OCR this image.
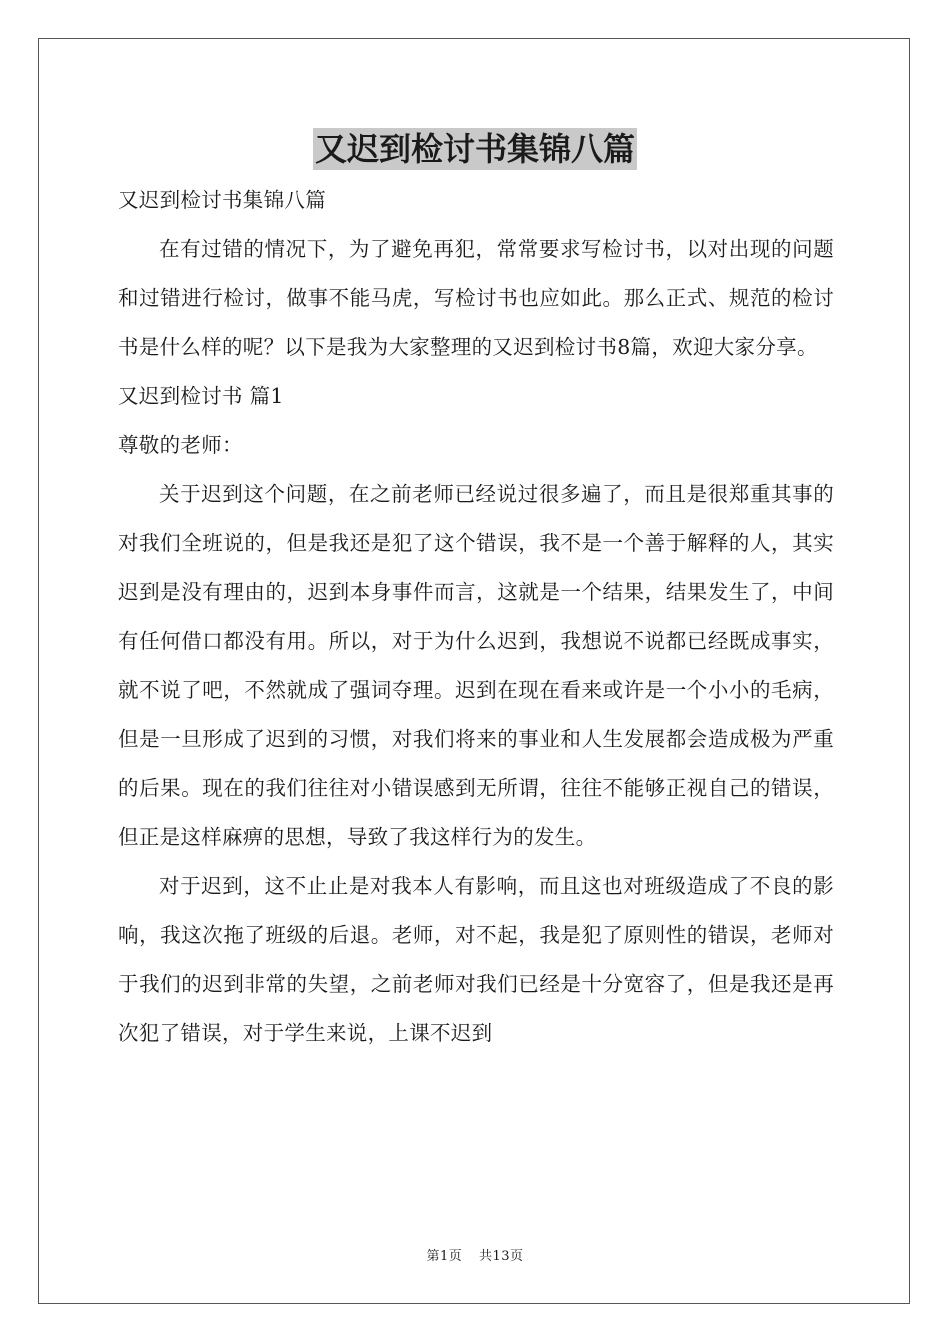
又迟到检讨书集锦八篇
又迟到检讨书集锦八篇

在有过错的情况下，为了避免再犯，常常要求写检讨书，以对出现的问题和过错进行检讨，做事不能马虎，写检讨书也应如此。那么正式、规范的检讨书是什么样的呢？以下是我为大家整理的又迟到检讨书8篇，欢迎大家分享。

又迟到检讨书 篇1
尊敬的老师：

关于迟到这个问题，在之前老师已经说过很多遍了，而且是很郑重其事的对我们全班说的，但是我还是犯了这个错误，我不是一个善于解释的人，其实迟到是没有理由的，迟到本身事件而言，这就是一个结果，结果发生了，中间有任何借口都没有用。所以，对于为什么迟到，我想说不说都已经既成事实，就不说了吧，不然就成了强词夺理。迟到在现在看来或许是一个小小的毛病，但是一旦形成了迟到的习惯，对我们将来的事业和人生发展都会造成极为严重的后果。现在的我们往往对小错误感到无所谓，往往不能够正视自己的错误，但正是这样麻痹的思想，导致了我这样行为的发生。

对于迟到，这不止止是对我本人有影响，而且这也对班级造成了不良的影响，我这次拖了班级的后退。老师，对不起，我是犯了原则性的错误，老师对于我们的迟到非常的失望，之前老师对我们已经是十分宽容了，但是我还是再次犯了错误，对于学生来说，上课不迟到

第1页 共13页
